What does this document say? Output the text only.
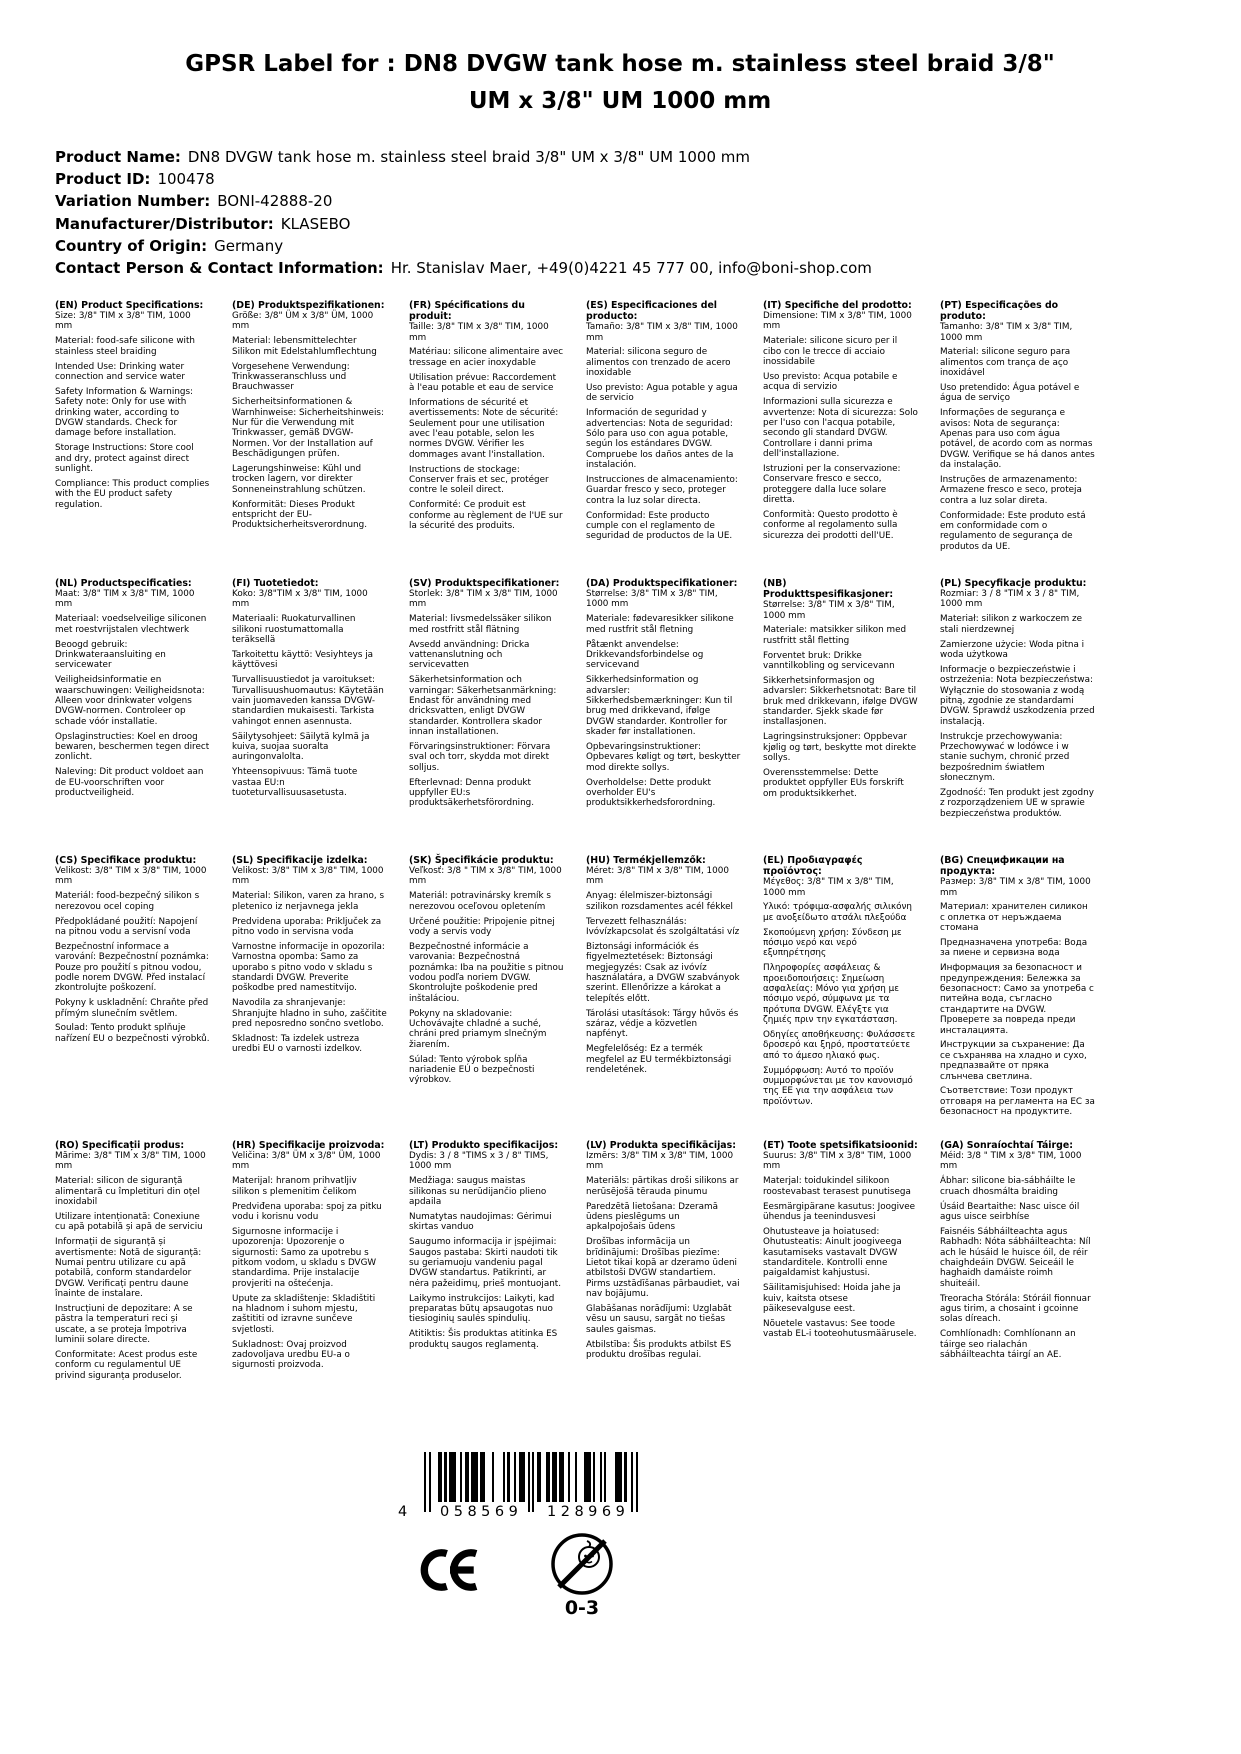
GPSR Label for : DN8 DVGW tank hose m. stainless steel braid 3/8" UM x 3/8" UM 1000 mm
Product Name: DN8 DVGW tank hose m. stainless steel braid 3/8" UM x 3/8" UM 1000 mm
Product ID: 100478
Variation Number: BONI-42888-20
Manufacturer/Distributor: KLASEBO
Country of Origin: Germany
Contact Person & Contact Information: Hr. Stanislav Maer, +49(0)4221 45 777 00, info@boni-shop.com
(EN) Product Specifications:

Size: 3/8" TIM x 3/8" TIM, 1000 mm

Material: food-safe silicone with stainless steel braiding

Intended Use: Drinking water connection and service water

Safety Information & Warnings: Safety note: Only for use with drinking water, according to DVGW standards. Check for damage before installation.

Storage Instructions: Store cool and dry, protect against direct sunlight.

Compliance: This product complies with the EU product safety regulation.

(DE) Produktspezifikationen:

Größe: 3/8" ÜM x 3/8" ÜM, 1000 mm

Material: lebensmittelechter Silikon mit Edelstahlumflechtung

Vorgesehene Verwendung: Trinkwasseranschluss und Brauchwasser

Sicherheitsinformationen & Warnhinweise: Sicherheitshinweis: Nur für die Verwendung mit Trinkwasser, gemäß DVGW-Normen. Vor der Installation auf Beschädigungen prüfen.

Lagerungshinweise: Kühl und trocken lagern, vor direkter Sonneneinstrahlung schützen.

Konformität: Dieses Produkt entspricht der EU-Produktsicherheitsverordnung.

(FR) Spécifications du produit:

Taille: 3/8" TIM x 3/8" TIM, 1000 mm

Matériau: silicone alimentaire avec tressage en acier inoxydable

Utilisation prévue: Raccordement à l'eau potable et eau de service

Informations de sécurité et avertissements: Note de sécurité: Seulement pour une utilisation avec l'eau potable, selon les normes DVGW. Vérifier les dommages avant l'installation.

Instructions de stockage: Conserver frais et sec, protéger contre le soleil direct.

Conformité: Ce produit est conforme au règlement de l'UE sur la sécurité des produits.

(ES) Especificaciones del producto:

Tamaño: 3/8" TIM x 3/8" TIM, 1000 mm

Material: silicona seguro de alimentos con trenzado de acero inoxidable

Uso previsto: Agua potable y agua de servicio

Información de seguridad y advertencias: Nota de seguridad: Sólo para uso con agua potable, según los estándares DVGW. Compruebe los daños antes de la instalación.

Instrucciones de almacenamiento: Guardar fresco y seco, proteger contra la luz solar directa.

Conformidad: Este producto cumple con el reglamento de seguridad de productos de la UE.

(IT) Specifiche del prodotto:

Dimensione: TIM x 3/8" TIM, 1000 mm

Materiale: silicone sicuro per il cibo con le trecce di acciaio inossidabile

Uso previsto: Acqua potabile e acqua di servizio

Informazioni sulla sicurezza e avvertenze: Nota di sicurezza: Solo per l'uso con l'acqua potabile, secondo gli standard DVGW. Controllare i danni prima dell'installazione.

Istruzioni per la conservazione: Conservare fresco e secco, proteggere dalla luce solare diretta.

Conformità: Questo prodotto è conforme al regolamento sulla sicurezza dei prodotti dell'UE.

(PT) Especificações do produto:

Tamanho: 3/8" TIM x 3/8" TIM, 1000 mm

Material: silicone seguro para alimentos com trança de aço inoxidável

Uso pretendido: Água potável e água de serviço

Informações de segurança e avisos: Nota de segurança: Apenas para uso com água potável, de acordo com as normas DVGW. Verifique se há danos antes da instalação.

Instruções de armazenamento: Armazene fresco e seco, proteja contra a luz solar direta.

Conformidade: Este produto está em conformidade com o regulamento de segurança de produtos da UE.

(NL) Productspecificaties:

Maat: 3/8" TIM x 3/8" TIM, 1000 mm

Materiaal: voedselveilige siliconen met roestvrijstalen vlechtwerk

Beoogd gebruik: Drinkwateraansluiting en servicewater

Veiligheidsinformatie en waarschuwingen: Veiligheidsnota: Alleen voor drinkwater volgens DVGW-normen. Controleer op schade vóór installatie.

Opslaginstructies: Koel en droog bewaren, beschermen tegen direct zonlicht.

Naleving: Dit product voldoet aan de EU-voorschriften voor productveiligheid.

(FI) Tuotetiedot:

Koko: 3/8"TIM x 3/8" TIM, 1000 mm

Materiaali: Ruokaturvallinen silikoni ruostumattomalla teräksellä

Tarkoitettu käyttö: Vesiyhteys ja käyttövesi

Turvallisuustiedot ja varoitukset: Turvallisuushuomautus: Käytetään vain juomaveden kanssa DVGW-standardien mukaisesti. Tarkista vahingot ennen asennusta.

Säilytysohjeet: Säilytä kylmä ja kuiva, suojaa suoralta auringonvalolta.

Yhteensopivuus: Tämä tuote vastaa EU:n tuoteturvallisuusasetusta.

(SV) Produktspecifikationer:

Storlek: 3/8" TIM x 3/8" TIM, 1000 mm

Material: livsmedelssäker silikon med rostfritt stål flätning

Avsedd användning: Dricka vattenanslutning och servicevatten

Säkerhetsinformation och varningar: Säkerhetsanmärkning: Endast för användning med dricksvatten, enligt DVGW standarder. Kontrollera skador innan installationen.

Förvaringsinstruktioner: Förvara sval och torr, skydda mot direkt solljus.

Efterlevnad: Denna produkt uppfyller EU:s produktsäkerhetsförordning.

(DA) Produktspecifikationer:

Størrelse: 3/8" TIM x 3/8" TIM, 1000 mm

Materiale: fødevaresikker silikone med rustfrit stål fletning

Påtænkt anvendelse: Drikkevandsforbindelse og servicevand

Sikkerhedsinformation og advarsler: Sikkerhedsbemærkninger: Kun til brug med drikkevand, ifølge DVGW standarder. Kontroller for skader før installationen.

Opbevaringsinstruktioner: Opbevares køligt og tørt, beskytter mod direkte sollys.

Overholdelse: Dette produkt overholder EU's produktsikkerhedsforordning.

(NB) Produkttspesifikasjoner:

Størrelse: 3/8" TIM x 3/8" TIM, 1000 mm

Materiale: matsikker silikon med rustfritt stål fletting

Forventet bruk: Drikke vanntilkobling og servicevann

Sikkerhetsinformasjon og advarsler: Sikkerhetsnotat: Bare til bruk med drikkevann, ifølge DVGW standarder. Sjekk skade før installasjonen.

Lagringsinstruksjoner: Oppbevar kjølig og tørt, beskytte mot direkte sollys.

Overensstemmelse: Dette produktet oppfyller EUs forskrift om produktsikkerhet.

(PL) Specyfikacje produktu:

Rozmiar: 3 / 8 "TIM x 3 / 8" TIM, 1000 mm

Materiał: silikon z warkoczem ze stali nierdzewnej

Zamierzone użycie: Woda pitna i woda użytkowa

Informacje o bezpieczeństwie i ostrzeżenia: Nota bezpieczeństwa: Wyłącznie do stosowania z wodą pitną, zgodnie ze standardami DVGW. Sprawdź uszkodzenia przed instalacją.

Instrukcje przechowywania: Przechowywać w lodówce i w stanie suchym, chronić przed bezpośrednim światłem słonecznym.

Zgodność: Ten produkt jest zgodny z rozporządzeniem UE w sprawie bezpieczeństwa produktów.

(CS) Specifikace produktu:

Velikost: 3/8" TIM x 3/8" TIM, 1000 mm

Materiál: food-bezpečný silikon s nerezovou ocel coping

Předpokládané použití: Napojení na pitnou vodu a servisní voda

Bezpečnostní informace a varování: Bezpečnostní poznámka: Pouze pro použití s pitnou vodou, podle norem DVGW. Před instalací zkontrolujte poškození.

Pokyny k uskladnění: Chraňte před přímým slunečním světlem.

Soulad: Tento produkt splňuje nařízení EU o bezpečnosti výrobků.

(SL) Specifikacije izdelka:

Velikost: 3/8" TIM x 3/8" TIM, 1000 mm

Material: Silikon, varen za hrano, s pletenico iz nerjavnega jekla

Predvidena uporaba: Priključek za pitno vodo in servisna voda

Varnostne informacije in opozorila: Varnostna opomba: Samo za uporabo s pitno vodo v skladu s standardi DVGW. Preverite poškodbe pred namestitvijo.

Navodila za shranjevanje: Shranjujte hladno in suho, zaščitite pred neposredno sončno svetlobo.

Skladnost: Ta izdelek ustreza uredbi EU o varnosti izdelkov.

(SK) Špecifikácie produktu:

Veľkosť: 3/8 " TIM x 3/8" TIM, 1000 mm

Materiál: potravinársky kremík s nerezovou oceľovou opletením

Určené použitie: Pripojenie pitnej vody a servis vody

Bezpečnostné informácie a varovania: Bezpečnostná poznámka: Iba na použitie s pitnou vodou podľa noriem DVGW. Skontrolujte poškodenie pred inštaláciou.

Pokyny na skladovanie: Uchovávajte chladné a suché, chráni pred priamym slnečným žiarením.

Súlad: Tento výrobok spĺňa nariadenie EÚ o bezpečnosti výrobkov.

(HU) Termékjellemzők:

Méret: 3/8" TIM x 3/8" TIM, 1000 mm

Anyag: élelmiszer-biztonsági szilikon rozsdamentes acél fékkel

Tervezett felhasználás: Ivóvízkapcsolat és szolgáltatási víz

Biztonsági információk és figyelmeztetések: Biztonsági megjegyzés: Csak az ivóvíz használatára, a DVGW szabványok szerint. Ellenőrizze a károkat a telepítés előtt.

Tárolási utasítások: Tárgy hűvös és száraz, védje a közvetlen napfényt.

Megfelelőség: Ez a termék megfelel az EU termékbiztonsági rendeletének.

(EL) Προδιαγραφές προϊόντος:

Μέγεθος: 3/8" TIM x 3/8" TIM, 1000 mm

Υλικό: τρόφιμα-ασφαλής σιλικόνη με ανοξείδωτο ατσάλι πλεξούδα

Σκοπούμενη χρήση: Σύνδεση με πόσιμο νερό και νερό εξυπηρέτησης

Πληροφορίες ασφάλειας & προειδοποιήσεις: Σημείωση ασφαλείας: Μόνο για χρήση με πόσιμο νερό, σύμφωνα με τα πρότυπα DVGW. Ελέγξτε για ζημιές πριν την εγκατάσταση.

Οδηγίες αποθήκευσης: Φυλάσσετε δροσερό και ξηρό, προστατεύετε από το άμεσο ηλιακό φως.

Συμμόρφωση: Αυτό το προϊόν συμμορφώνεται με τον κανονισμό της ΕΕ για την ασφάλεια των προϊόντων.

(BG) Спецификации на продукта:

Размер: 3/8" TIM x 3/8" TIM, 1000 mm

Материал: хранителен силикон с оплетка от неръждаема стомана

Предназначена употреба: Вода за пиене и сервизна вода

Информация за безопасност и предупреждения: Бележка за безопасност: Само за употреба с питейна вода, съгласно стандартите на DVGW. Проверете за повреда преди инсталацията.

Инструкции за съхранение: Да се съхранява на хладно и сухо, предпазвайте от пряка слънчева светлина.

Съответствие: Този продукт отговаря на регламента на ЕС за безопасност на продуктите.

(RO) Specificații produs:

Mărime: 3/8" TIM x 3/8" TIM, 1000 mm

Material: silicon de siguranță alimentară cu împletituri din oțel inoxidabil

Utilizare intenționată: Conexiune cu apă potabilă și apă de serviciu

Informații de siguranță și avertismente: Notă de siguranță: Numai pentru utilizare cu apă potabilă, conform standardelor DVGW. Verificați pentru daune înainte de instalare.

Instrucțiuni de depozitare: A se păstra la temperaturi reci și uscate, a se proteja împotriva luminii solare directe.

Conformitate: Acest produs este conform cu regulamentul UE privind siguranța produselor.

(HR) Specifikacije proizvoda:

Veličina: 3/8" ÜM x 3/8" ÜM, 1000 mm

Materijal: hranom prihvatljiv silikon s plemenitim čelikom

Predviđena uporaba: spoj za pitku vodu i korisnu vodu

Sigurnosne informacije i upozorenja: Upozorenje o sigurnosti: Samo za upotrebu s pitkom vodom, u skladu s DVGW standardima. Prije instalacije provjeriti na oštećenja.

Upute za skladištenje: Skladištiti na hladnom i suhom mjestu, zaštititi od izravne sunčeve svjetlosti.

Sukladnost: Ovaj proizvod zadovoljava uredbu EU-a o sigurnosti proizvoda.

(LT) Produkto specifikacijos:

Dydis: 3 / 8 "TIMS x 3 / 8" TIMS, 1000 mm

Medžiaga: saugus maistas silikonas su nerūdijančio plieno apdaila

Numatytas naudojimas: Gėrimui skirtas vanduo

Saugumo informacija ir įspėjimai: Saugos pastaba: Skirti naudoti tik su geriamuoju vandeniu pagal DVGW standartus. Patikrinti, ar nėra pažeidimų, prieš montuojant.

Laikymo instrukcijos: Laikyti, kad preparatas būtų apsaugotas nuo tiesioginių saulės spindulių.

Atitiktis: Šis produktas atitinka ES produktų saugos reglamentą.

(LV) Produkta specifikācijas:

Izmērs: 3/8" TIM x 3/8" TIM, 1000 mm

Materiāls: pārtikas droši silikons ar nerūsējošā tērauda pinumu

Paredzētā lietošana: Dzeramā ūdens pieslēgums un apkalpojošais ūdens

Drošības informācija un brīdinājumi: Drošības piezīme: Lietot tikai kopā ar dzeramo ūdeni atbilstoši DVGW standartiem. Pirms uzstādīšanas pārbaudiet, vai nav bojājumu.

Glabāšanas norādījumi: Uzglabāt vēsu un sausu, sargāt no tiešas saules gaismas.

Atbilstība: Šis produkts atbilst ES produktu drošības regulai.

(ET) Toote spetsifikatsioonid:

Suurus: 3/8" TIM x 3/8" TIM, 1000 mm

Materjal: toidukindel silikoon roostevabast terasest punutisega

Eesmärgipärane kasutus: Joogivee ühendus ja teenindusvesi

Ohutusteave ja hoiatused: Ohutusteatis: Ainult joogiveega kasutamiseks vastavalt DVGW standarditele. Kontrolli enne paigaldamist kahjustusi.

Säilitamisjuhised: Hoida jahe ja kuiv, kaitsta otsese päikesevalguse eest.

Nõuetele vastavus: See toode vastab EL-i tooteohutusmäärusele.

(GA) Sonraíochtaí Táirge:

Méid: 3/8 " TIM x 3/8" TIM, 1000 mm

Ábhar: silicone bia-sábháilte le cruach dhosmálta braiding

Úsáid Beartaithe: Nasc uisce óil agus uisce seirbhíse

Faisnéis Sábháilteachta agus Rabhadh: Nóta sábháilteachta: Níl ach le húsáid le huisce óil, de réir chaighdeáin DVGW. Seiceáil le haghaidh damáiste roimh shuiteáil.

Treoracha Stórála: Stóráil fionnuar agus tirim, a chosaint i gcoinne solas díreach.

Comhlíonadh: Comhlíonann an táirge seo rialachán sábháilteachta táirgí an AE.

4 058569 128969
0-3
